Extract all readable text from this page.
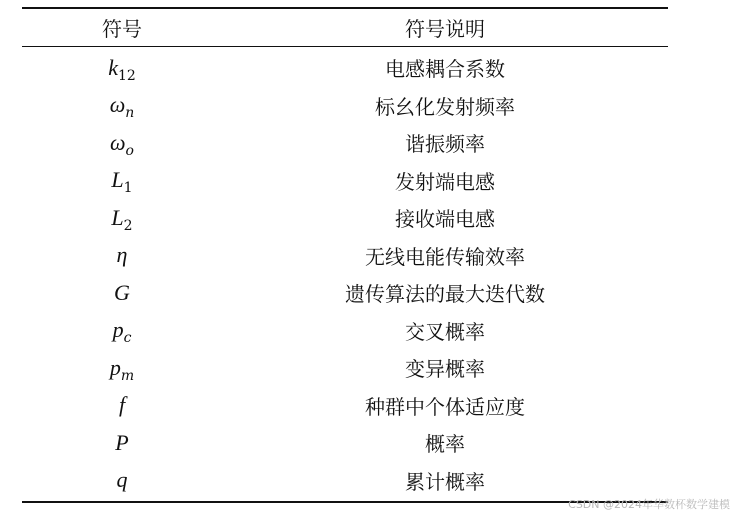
符号	符号说明
$k_{12}$	电感耦合系数
$\omega_n$	标幺化发射频率
$\omega_o$	谐振频率
$L_1$	发射端电感
$L_2$	接收端电感
η	无线电能传输效率
G	遗传算法的最大迭代数
$p_c$	交叉概率
$p_m$	变异概率
f	种群中个体适应度
P	概率
q	累计概率
CSDN @2024年华数杯数学建模
